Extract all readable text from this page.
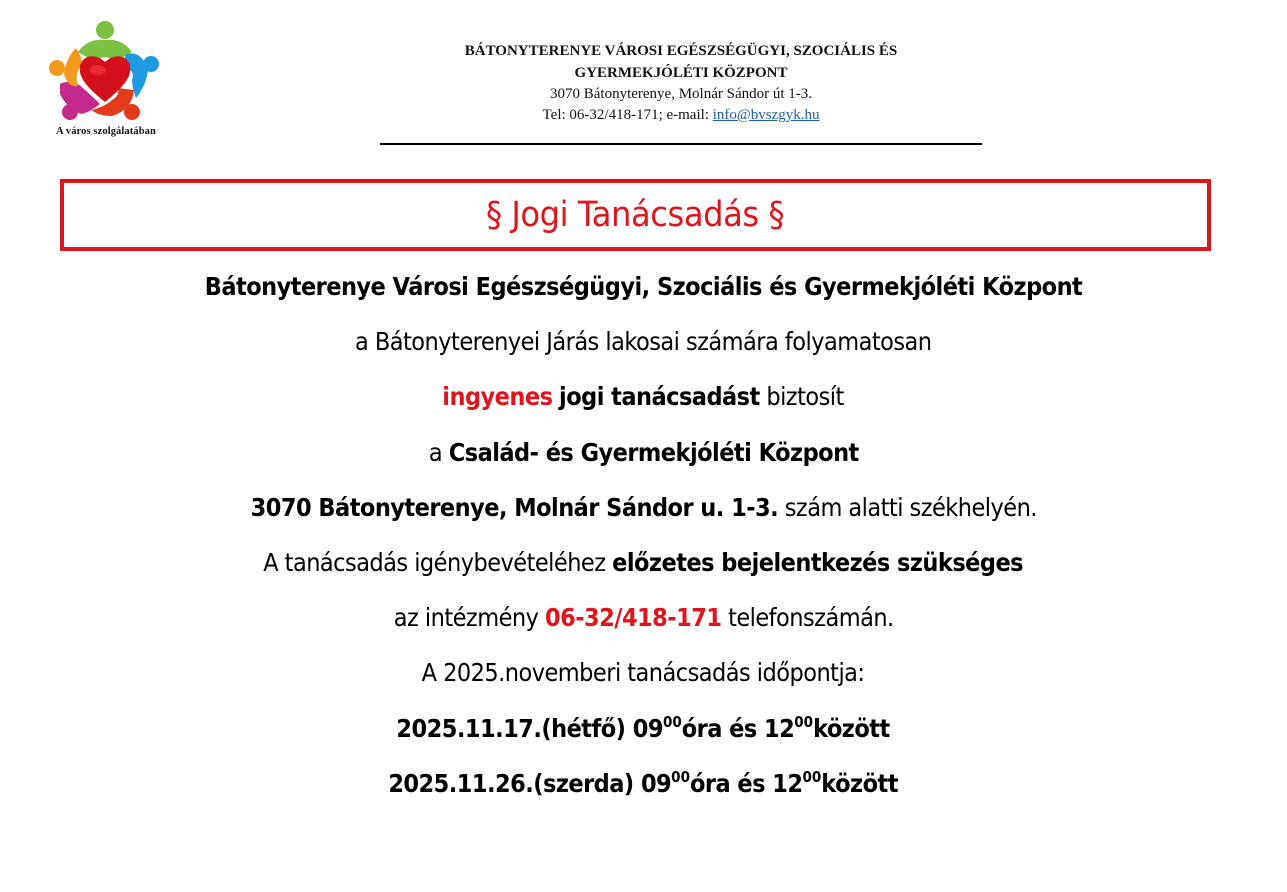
A város szolgálatában
BÁTONYTERENYE VÁROSI EGÉSZSÉGÜGYI, SZOCIÁLIS ÉS
GYERMEKJÓLÉTI KÖZPONT
3070 Bátonyterenye, Molnár Sándor út 1-3.
Tel: 06-32/418-171; e-mail: info@bvszgyk.hu
§ Jogi Tanácsadás §
Bátonyterenye Városi Egészségügyi, Szociális és Gyermekjóléti Központ
a Bátonyterenyei Járás lakosai számára folyamatosan
ingyenes jogi tanácsadást biztosít
a Család- és Gyermekjóléti Központ
3070 Bátonyterenye, Molnár Sándor u. 1-3. szám alatti székhelyén.
A tanácsadás igénybevételéhez előzetes bejelentkezés szükséges
az intézmény 06-32/418-171 telefonszámán.
A 2025.novemberi tanácsadás időpontja:
2025.11.17.(hétfő) $09^{00}óra$ és $12^{00}között$
2025.11.26.(szerda) $09^{00}óra$ és $12^{00}között$
